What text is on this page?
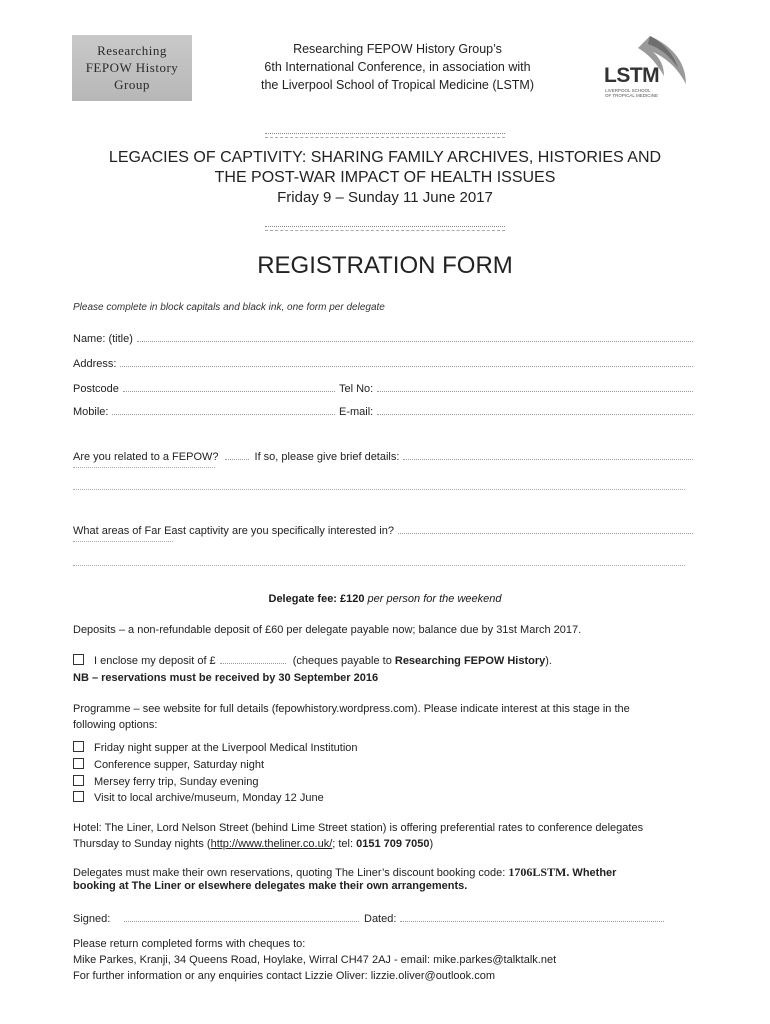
Researching
FEPOW History
Group
Researching FEPOW History Group’s
6th International Conference, in association with
the Liverpool School of Tropical Medicine (LSTM)	LSTM
LIVERPOOL SCHOOL
OF TROPICAL MEDICINE
LEGACIES OF CAPTIVITY: SHARING FAMILY ARCHIVES, HISTORIES AND
THE POST-WAR IMPACT OF HEALTH ISSUES
Friday 9 – Sunday 11 June 2017
REGISTRATION FORM
Please complete in block capitals and black ink, one form per delegate
Name: (title)
Address:
Postcode	Tel No:
Mobile:	E-mail:
Are you related to a FEPOW?	If so, please give brief details:
What areas of Far East captivity are you specifically interested in?
Delegate fee: £120 per person for the weekend
Deposits – a non-refundable deposit of £60 per delegate payable now; balance due by 31st March 2017.
I enclose my deposit of £	(cheques payable to Researching FEPOW History).
NB – reservations must be received by 30 September 2016
Programme – see website for full details (fepowhistory.wordpress.com). Please indicate interest at this stage in the following options:
Friday night supper at the Liverpool Medical Institution
Conference supper, Saturday night
Mersey ferry trip, Sunday evening
Visit to local archive/museum, Monday 12 June
Hotel: The Liner, Lord Nelson Street (behind Lime Street station) is offering preferential rates to conference delegates
Thursday to Sunday nights (http://www.theliner.co.uk/; tel: 0151 709 7050)
Delegates must make their own reservations, quoting The Liner’s discount booking code: 1706LSTM. Whether
booking at The Liner or elsewhere delegates make their own arrangements.
Signed:	Dated:
Please return completed forms with cheques to:
Mike Parkes, Kranji, 34 Queens Road, Hoylake, Wirral CH47 2AJ - email: mike.parkes@talktalk.net
For further information or any enquiries contact Lizzie Oliver: lizzie.oliver@outlook.com
